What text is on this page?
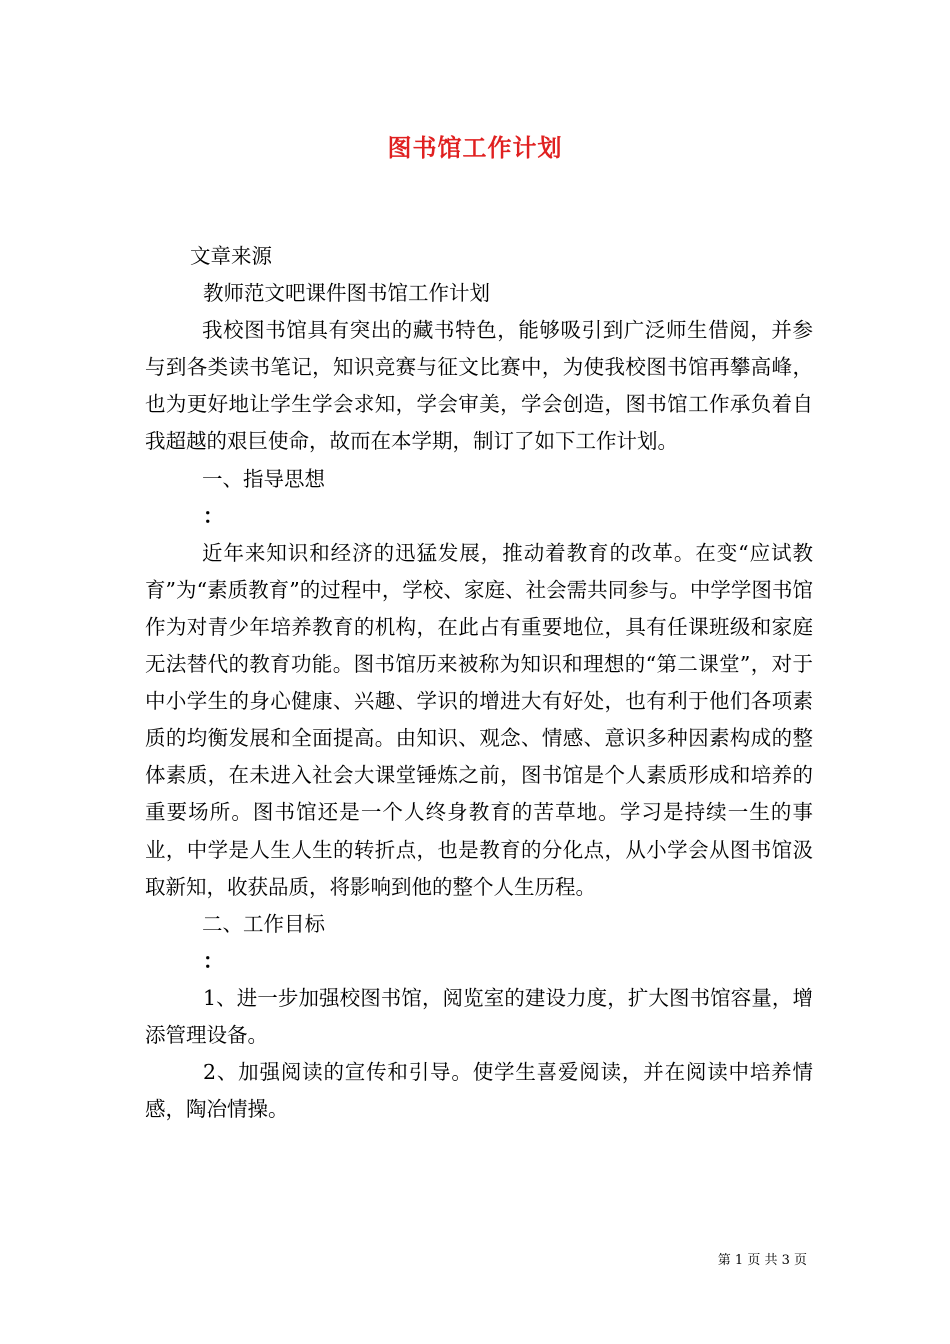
图书馆工作计划

文章来源

教师范文吧课件图书馆工作计划

我校图书馆具有突出的藏书特色，能够吸引到广泛师生借阅，并参与到各类读书笔记，知识竞赛与征文比赛中，为使我校图书馆再攀高峰，也为更好地让学生学会求知，学会审美，学会创造，图书馆工作承负着自我超越的艰巨使命，故而在本学期，制订了如下工作计划。

一、指导思想

：

近年来知识和经济的迅猛发展，推动着教育的改革。在变“应试教育”为“素质教育”的过程中，学校、家庭、社会需共同参与。中学学图书馆作为对青少年培养教育的机构，在此占有重要地位，具有任课班级和家庭无法替代的教育功能。图书馆历来被称为知识和理想的“第二课堂”，对于中小学生的身心健康、兴趣、学识的增进大有好处，也有利于他们各项素质的均衡发展和全面提高。由知识、观念、情感、意识多种因素构成的整体素质，在未进入社会大课堂锤炼之前，图书馆是个人素质形成和培养的重要场所。图书馆还是一个人终身教育的苦草地。学习是持续一生的事业，中学是人生人生的转折点，也是教育的分化点，从小学会从图书馆汲取新知，收获品质，将影响到他的整个人生历程。

二、工作目标

：

1、进一步加强校图书馆，阅览室的建设力度，扩大图书馆容量，增添管理设备。

2、加强阅读的宣传和引导。使学生喜爱阅读，并在阅读中培养情感，陶冶情操。

第 1 页 共 3 页
